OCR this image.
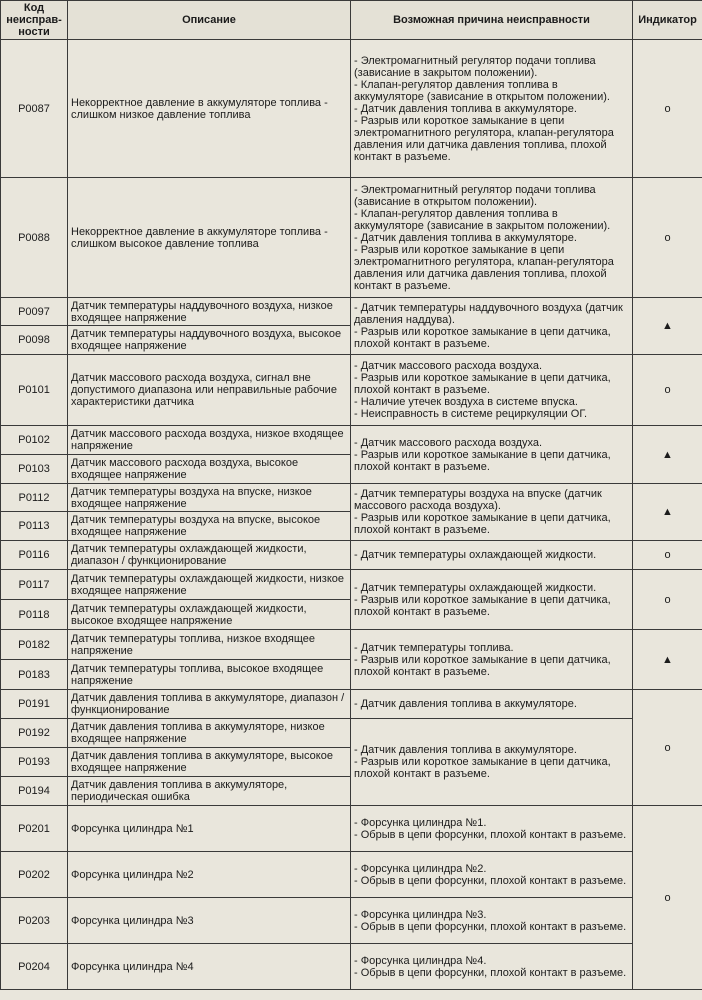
Код неисправ-ности	Описание	Возможная причина неисправности	Индикатор
P0087	Некорректное давление в аккумуляторе топлива - слишком низкое давление топлива	- Электромагнитный регулятор подачи топлива (зависание в закрытом положении).
- Клапан-регулятор давления топлива в аккумуляторе (зависание в открытом положении).
- Датчик давления топлива в аккумуляторе.
- Разрыв или короткое замыкание в цепи электромагнитного регулятора, клапан-регулятора давления или датчика давления топлива, плохой контакт в разъеме.	o
P0088	Некорректное давление в аккумуляторе топлива - слишком высокое давление топлива	- Электромагнитный регулятор подачи топлива (зависание в открытом положении).
- Клапан-регулятор давления топлива в аккумуляторе (зависание в закрытом положении).
- Датчик давления топлива в аккумуляторе.
- Разрыв или короткое замыкание в цепи электромагнитного регулятора, клапан-регулятора давления или датчика давления топлива, плохой контакт в разъеме.	o
P0097	Датчик температуры наддувочного воздуха, низкое входящее напряжение	- Датчик температуры наддувочного воздуха (датчик давления наддува).
- Разрыв или короткое замыкание в цепи датчика, плохой контакт в разъеме.	▲
P0098	Датчик температуры наддувочного воздуха, высокое входящее напряжение		
P0101	Датчик массового расхода воздуха, сигнал вне допустимого диапазона или неправильные рабочие характеристики датчика	- Датчик массового расхода воздуха.
- Разрыв или короткое замыкание в цепи датчика, плохой контакт в разъеме.
- Наличие утечек воздуха в системе впуска.
- Неисправность в системе рециркуляции ОГ.	o
P0102	Датчик массового расхода воздуха, низкое входящее напряжение	- Датчик массового расхода воздуха.
- Разрыв или короткое замыкание в цепи датчика, плохой контакт в разъеме.	▲
P0103	Датчик массового расхода воздуха, высокое входящее напряжение		
P0112	Датчик температуры воздуха на впуске, низкое входящее напряжение	- Датчик температуры воздуха на впуске (датчик массового расхода воздуха).
- Разрыв или короткое замыкание в цепи датчика, плохой контакт в разъеме.	▲
P0113	Датчик температуры воздуха на впуске, высокое входящее напряжение		
P0116	Датчик температуры охлаждающей жидкости, диапазон / функционирование	- Датчик температуры охлаждающей жидкости.	o
P0117	Датчик температуры охлаждающей жидкости, низкое входящее напряжение	- Датчик температуры охлаждающей жидкости.
- Разрыв или короткое замыкание в цепи датчика, плохой контакт в разъеме.	o
P0118	Датчик температуры охлаждающей жидкости, высокое входящее напряжение		
P0182	Датчик температуры топлива, низкое входящее напряжение	- Датчик температуры топлива.
- Разрыв или короткое замыкание в цепи датчика, плохой контакт в разъеме.	▲
P0183	Датчик температуры топлива, высокое входящее напряжение		
P0191	Датчик давления топлива в аккумуляторе, диапазон / функционирование	- Датчик давления топлива в аккумуляторе.	o
P0192	Датчик давления топлива в аккумуляторе, низкое входящее напряжение	- Датчик давления топлива в аккумуляторе.
- Разрыв или короткое замыкание в цепи датчика, плохой контакт в разъеме.	

P0193	Датчик давления топлива в аккумуляторе, высокое входящее напряжение		
P0194	Датчик давления топлива в аккумуляторе, периодическая ошибка		
P0201	Форсунка цилиндра №1	- Форсунка цилиндра №1.
- Обрыв в цепи форсунки, плохой контакт в разъеме.	o
P0202	Форсунка цилиндра №2	- Форсунка цилиндра №2.
- Обрыв в цепи форсунки, плохой контакт в разъеме.	

P0203	Форсунка цилиндра №3	- Форсунка цилиндра №3.
- Обрыв в цепи форсунки, плохой контакт в разъеме.	

P0204	Форсунка цилиндра №4	- Форсунка цилиндра №4.
- Обрыв в цепи форсунки, плохой контакт в разъеме.	
